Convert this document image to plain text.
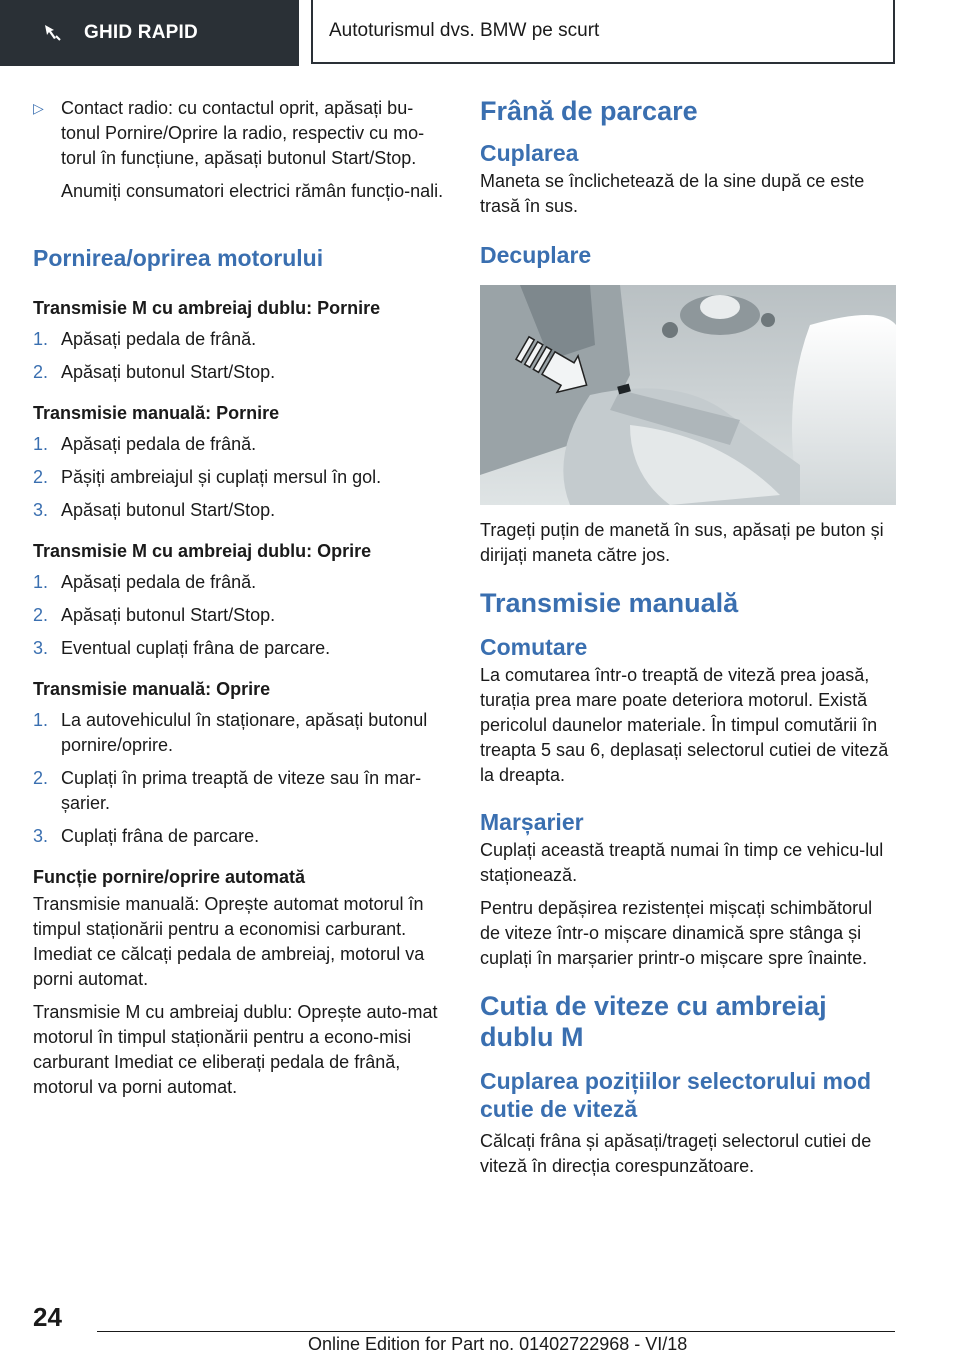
GHID RAPID	Autoturismul dvs. BMW pe scurt
▷ Contact radio: cu contactul oprit, apăsați bu-tonul Pornire/Oprire la radio, respectiv cu mo-torul în funcțiune, apăsați butonul Start/Stop.

Anumiți consumatori electrici rămân funcțio-nali.

Pornirea/oprirea motorului

Transmisie M cu ambreiaj dublu: Pornire

1. Apăsați pedala de frână.
2. Apăsați butonul Start/Stop.

Transmisie manuală: Pornire

1. Apăsați pedala de frână.
2. Pășiți ambreiajul și cuplați mersul în gol.
3. Apăsați butonul Start/Stop.

Transmisie M cu ambreiaj dublu: Oprire

1. Apăsați pedala de frână.
2. Apăsați butonul Start/Stop.
3. Eventual cuplați frâna de parcare.

Transmisie manuală: Oprire

1. La autovehiculul în staționare, apăsați butonul pornire/oprire.
2. Cuplați în prima treaptă de viteze sau în mar-șarier.
3. Cuplați frâna de parcare.

Funcție pornire/oprire automată

Transmisie manuală: Oprește automat motorul în timpul staționării pentru a economisi carburant. Imediat ce călcați pedala de ambreiaj, motorul va porni automat.

Transmisie M cu ambreiaj dublu: Oprește auto-mat motorul în timpul staționării pentru a econo-misi carburant Imediat ce eliberați pedala de frână, motorul va porni automat.

Frână de parcare

Cuplarea

Maneta se înclichetează de la sine după ce este trasă în sus.

Decuplare

Trageți puțin de manetă în sus, apăsați pe buton și dirijați maneta către jos.

Transmisie manuală

Comutare

La comutarea într-o treaptă de viteză prea joasă, turația prea mare poate deteriora motorul. Există pericolul daunelor materiale. În timpul comutării în treapta 5 sau 6, deplasați selectorul cutiei de viteză la dreapta.

Marșarier

Cuplați această treaptă numai în timp ce vehicu-lul staționează.

Pentru depășirea rezistenței mișcați schimbătorul de viteze într-o mișcare dinamică spre stânga și cuplați în marșarier printr-o mișcare spre înainte.

Cutia de viteze cu ambreiaj dublu M

Cuplarea pozițiilor selectorului mod cutie de viteză

Călcați frâna și apăsați/trageți selectorul cutiei de viteză în direcția corespunzătoare.

24
Online Edition for Part no. 01402722968 - VI/18
